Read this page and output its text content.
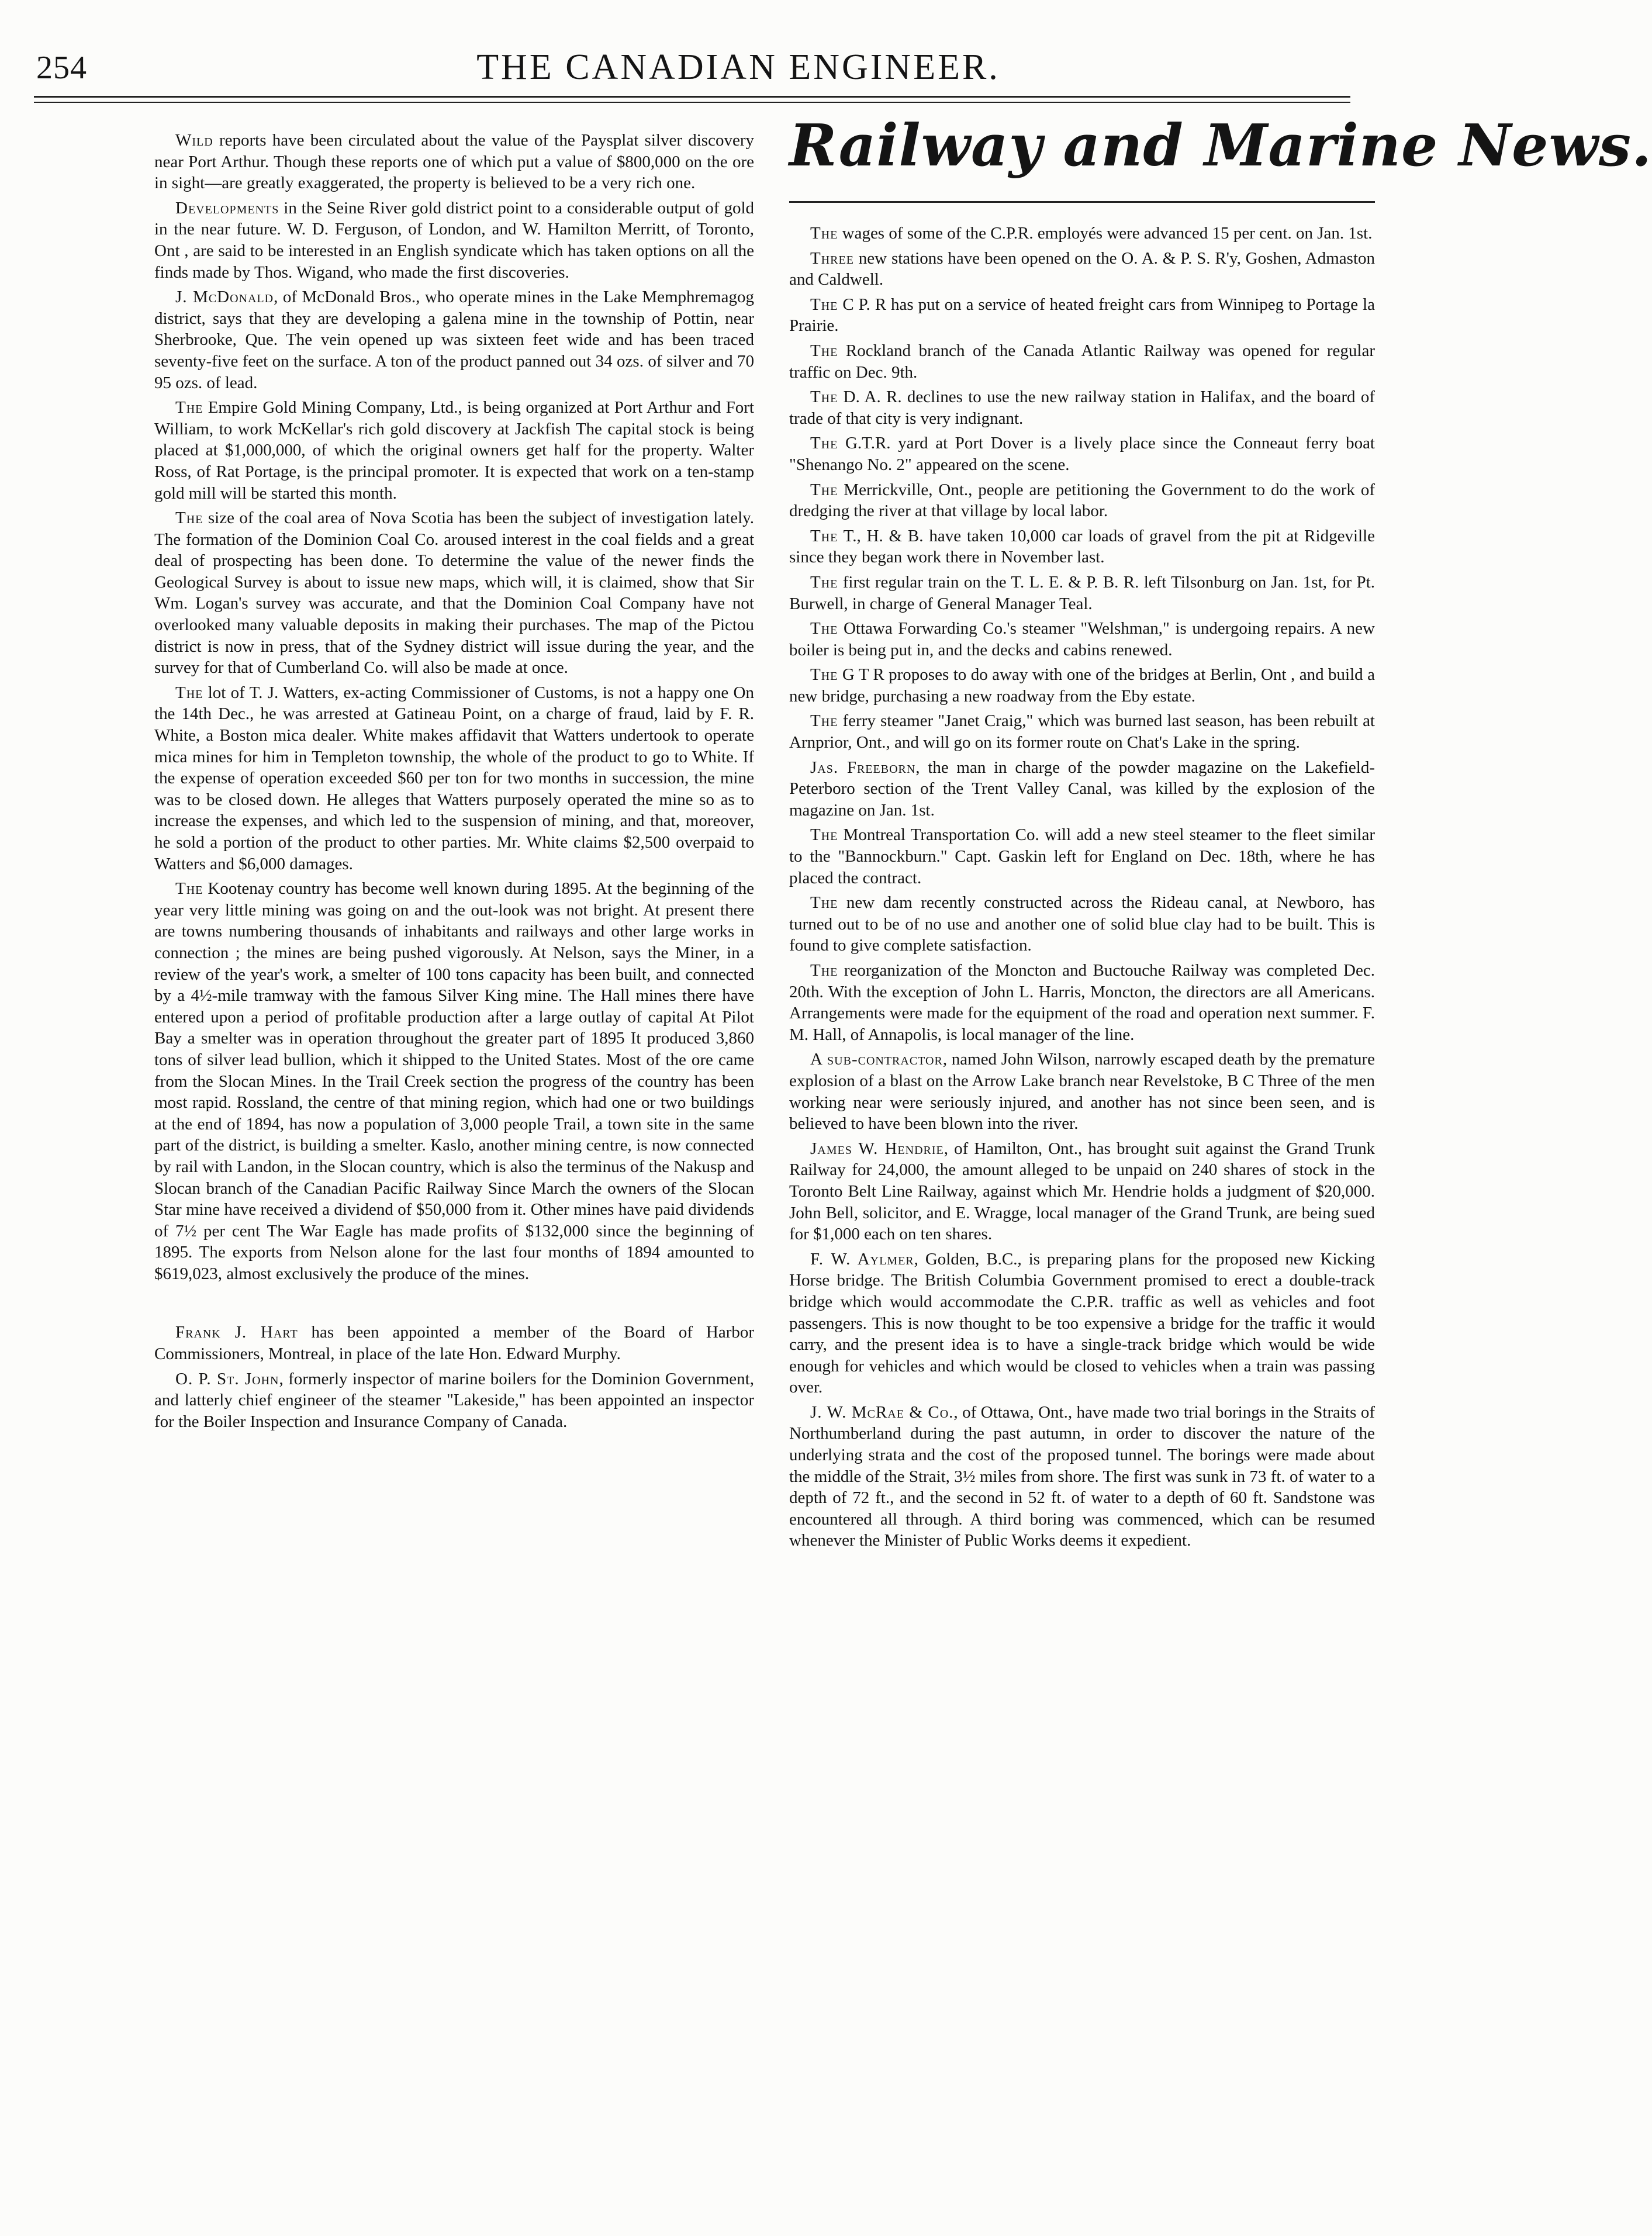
254	THE CANADIAN ENGINEER.

Wild reports have been circulated about the value of the Paysplat silver discovery near Port Arthur. Though these reports one of which put a value of $800,000 on the ore in sight—are greatly exaggerated, the property is believed to be a very rich one.

Developments in the Seine River gold district point to a considerable output of gold in the near future. W. D. Ferguson, of London, and W. Hamilton Merritt, of Toronto, Ont , are said to be interested in an English syndicate which has taken options on all the finds made by Thos. Wigand, who made the first discoveries.

J. McDonald, of McDonald Bros., who operate mines in the Lake Memphremagog district, says that they are developing a galena mine in the township of Pottin, near Sherbrooke, Que. The vein opened up was sixteen feet wide and has been traced seventy-five feet on the surface. A ton of the product panned out 34 ozs. of silver and 70 95 ozs. of lead.

The Empire Gold Mining Company, Ltd., is being organized at Port Arthur and Fort William, to work McKellar's rich gold discovery at Jackfish The capital stock is being placed at $1,000,000, of which the original owners get half for the property. Walter Ross, of Rat Portage, is the principal promoter. It is expected that work on a ten-stamp gold mill will be started this month.

The size of the coal area of Nova Scotia has been the subject of investigation lately. The formation of the Dominion Coal Co. aroused interest in the coal fields and a great deal of prospecting has been done. To determine the value of the newer finds the Geological Survey is about to issue new maps, which will, it is claimed, show that Sir Wm. Logan's survey was accurate, and that the Dominion Coal Company have not overlooked many valuable deposits in making their purchases. The map of the Pictou district is now in press, that of the Sydney district will issue during the year, and the survey for that of Cumberland Co. will also be made at once.

The lot of T. J. Watters, ex-acting Commissioner of Customs, is not a happy one On the 14th Dec., he was arrested at Gatineau Point, on a charge of fraud, laid by F. R. White, a Boston mica dealer. White makes affidavit that Watters undertook to operate mica mines for him in Templeton township, the whole of the product to go to White. If the expense of operation exceeded $60 per ton for two months in succession, the mine was to be closed down. He alleges that Watters purposely operated the mine so as to increase the expenses, and which led to the suspension of mining, and that, moreover, he sold a portion of the product to other parties. Mr. White claims $2,500 overpaid to Watters and $6,000 damages.

The Kootenay country has become well known during 1895. At the beginning of the year very little mining was going on and the out-look was not bright. At present there are towns numbering thousands of inhabitants and railways and other large works in connection ; the mines are being pushed vigorously. At Nelson, says the Miner, in a review of the year's work, a smelter of 100 tons capacity has been built, and connected by a 4½-mile tramway with the famous Silver King mine. The Hall mines there have entered upon a period of profitable production after a large outlay of capital At Pilot Bay a smelter was in operation throughout the greater part of 1895 It produced 3,860 tons of silver lead bullion, which it shipped to the United States. Most of the ore came from the Slocan Mines. In the Trail Creek section the progress of the country has been most rapid. Rossland, the centre of that mining region, which had one or two buildings at the end of 1894, has now a population of 3,000 people Trail, a town site in the same part of the district, is building a smelter. Kaslo, another mining centre, is now connected by rail with Landon, in the Slocan country, which is also the terminus of the Nakusp and Slocan branch of the Canadian Pacific Railway Since March the owners of the Slocan Star mine have received a dividend of $50,000 from it. Other mines have paid dividends of 7½ per cent The War Eagle has made profits of $132,000 since the beginning of 1895. The exports from Nelson alone for the last four months of 1894 amounted to $619,023, almost exclusively the produce of the mines.

Frank J. Hart has been appointed a member of the Board of Harbor Commissioners, Montreal, in place of the late Hon. Edward Murphy.

O. P. St. John, formerly inspector of marine boilers for the Dominion Government, and latterly chief engineer of the steamer "Lakeside," has been appointed an inspector for the Boiler Inspection and Insurance Company of Canada.

Railway and Marine News.

The wages of some of the C.P.R. employés were advanced 15 per cent. on Jan. 1st.

Three new stations have been opened on the O. A. & P. S. R'y, Goshen, Admaston and Caldwell.

The C P. R has put on a service of heated freight cars from Winnipeg to Portage la Prairie.

The Rockland branch of the Canada Atlantic Railway was opened for regular traffic on Dec. 9th.

The D. A. R. declines to use the new railway station in Halifax, and the board of trade of that city is very indignant.

The G.T.R. yard at Port Dover is a lively place since the Conneaut ferry boat "Shenango No. 2" appeared on the scene.

The Merrickville, Ont., people are petitioning the Government to do the work of dredging the river at that village by local labor.

The T., H. & B. have taken 10,000 car loads of gravel from the pit at Ridgeville since they began work there in November last.

The first regular train on the T. L. E. & P. B. R. left Tilsonburg on Jan. 1st, for Pt. Burwell, in charge of General Manager Teal.

The Ottawa Forwarding Co.'s steamer "Welshman," is undergoing repairs. A new boiler is being put in, and the decks and cabins renewed.

The G T R proposes to do away with one of the bridges at Berlin, Ont , and build a new bridge, purchasing a new roadway from the Eby estate.

The ferry steamer "Janet Craig," which was burned last season, has been rebuilt at Arnprior, Ont., and will go on its former route on Chat's Lake in the spring.

Jas. Freeborn, the man in charge of the powder magazine on the Lakefield-Peterboro section of the Trent Valley Canal, was killed by the explosion of the magazine on Jan. 1st.

The Montreal Transportation Co. will add a new steel steamer to the fleet similar to the "Bannockburn." Capt. Gaskin left for England on Dec. 18th, where he has placed the contract.

The new dam recently constructed across the Rideau canal, at Newboro, has turned out to be of no use and another one of solid blue clay had to be built. This is found to give complete satisfaction.

The reorganization of the Moncton and Buctouche Railway was completed Dec. 20th. With the exception of John L. Harris, Moncton, the directors are all Americans. Arrangements were made for the equipment of the road and operation next summer. F. M. Hall, of Annapolis, is local manager of the line.

A sub-contractor, named John Wilson, narrowly escaped death by the premature explosion of a blast on the Arrow Lake branch near Revelstoke, B C Three of the men working near were seriously injured, and another has not since been seen, and is believed to have been blown into the river.

James W. Hendrie, of Hamilton, Ont., has brought suit against the Grand Trunk Railway for 24,000, the amount alleged to be unpaid on 240 shares of stock in the Toronto Belt Line Railway, against which Mr. Hendrie holds a judgment of $20,000. John Bell, solicitor, and E. Wragge, local manager of the Grand Trunk, are being sued for $1,000 each on ten shares.

F. W. Aylmer, Golden, B.C., is preparing plans for the proposed new Kicking Horse bridge. The British Columbia Government promised to erect a double-track bridge which would accommodate the C.P.R. traffic as well as vehicles and foot passengers. This is now thought to be too expensive a bridge for the traffic it would carry, and the present idea is to have a single-track bridge which would be wide enough for vehicles and which would be closed to vehicles when a train was passing over.

J. W. McRae & Co., of Ottawa, Ont., have made two trial borings in the Straits of Northumberland during the past autumn, in order to discover the nature of the underlying strata and the cost of the proposed tunnel. The borings were made about the middle of the Strait, 3½ miles from shore. The first was sunk in 73 ft. of water to a depth of 72 ft., and the second in 52 ft. of water to a depth of 60 ft. Sandstone was encountered all through. A third boring was commenced, which can be resumed whenever the Minister of Public Works deems it expedient.
